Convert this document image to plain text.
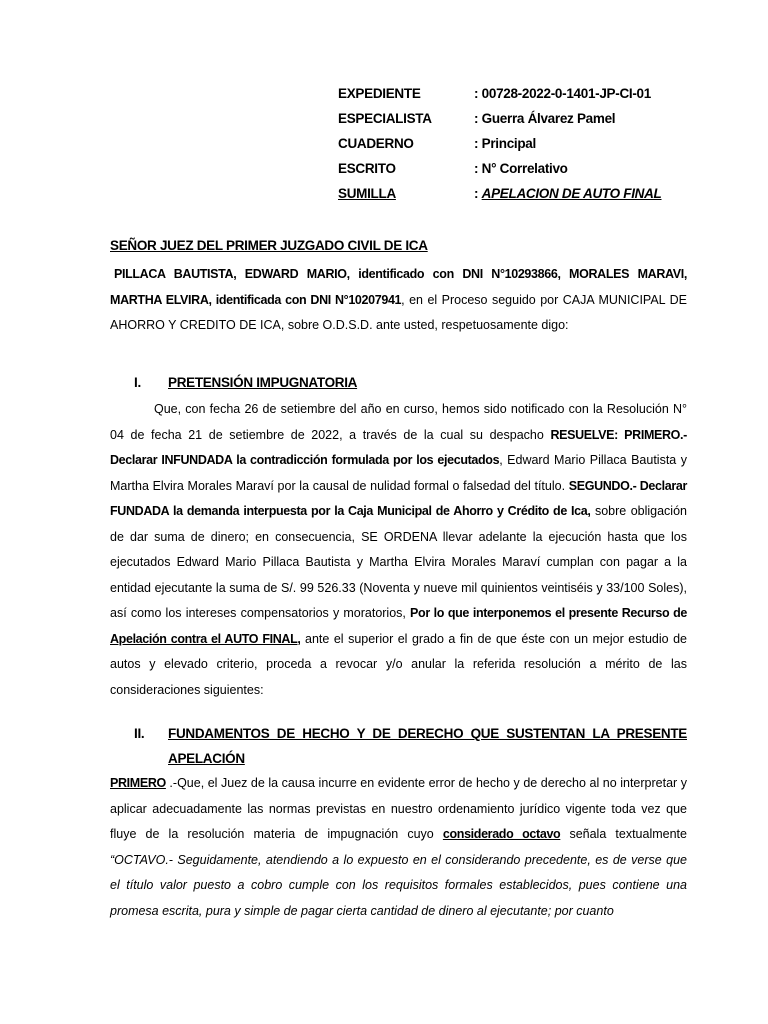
EXPEDIENTE	: 00728-2022-0-1401-JP-CI-01
ESPECIALISTA	: Guerra Álvarez Pamel
CUADERNO	: Principal
ESCRITO	: N° Correlativo
SUMILLA	: APELACION DE AUTO FINAL
SEÑOR JUEZ DEL PRIMER JUZGADO CIVIL DE ICA
PILLACA BAUTISTA, EDWARD MARIO, identificado con DNI N°10293866, MORALES MARAVI, MARTHA ELVIRA, identificada con DNI N°10207941, en el Proceso seguido por CAJA MUNICIPAL DE AHORRO Y CREDITO DE ICA, sobre O.D.S.D. ante usted, respetuosamente digo:
I. PRETENSIÓN IMPUGNATORIA
Que, con fecha 26 de setiembre del año en curso, hemos sido notificado con la Resolución N° 04 de fecha 21 de setiembre de 2022, a través de la cual su despacho RESUELVE: PRIMERO.- Declarar INFUNDADA la contradicción formulada por los ejecutados, Edward Mario Pillaca Bautista y Martha Elvira Morales Maraví por la causal de nulidad formal o falsedad del título. SEGUNDO.- Declarar FUNDADA la demanda interpuesta por la Caja Municipal de Ahorro y Crédito de Ica, sobre obligación de dar suma de dinero; en consecuencia, SE ORDENA llevar adelante la ejecución hasta que los ejecutados Edward Mario Pillaca Bautista y Martha Elvira Morales Maraví cumplan con pagar a la entidad ejecutante la suma de S/. 99 526.33 (Noventa y nueve mil quinientos veintiséis y 33/100 Soles), así como los intereses compensatorios y moratorios, Por lo que interponemos el presente Recurso de Apelación contra el AUTO FINAL, ante el superior el grado a fin de que éste con un mejor estudio de autos y elevado criterio, proceda a revocar y/o anular la referida resolución a mérito de las consideraciones siguientes:
II. FUNDAMENTOS DE HECHO Y DE DERECHO QUE SUSTENTAN LA PRESENTE
APELACIÓN
PRIMERO .-Que, el Juez de la causa incurre en evidente error de hecho y de derecho al no interpretar y aplicar adecuadamente las normas previstas en nuestro ordenamiento jurídico vigente toda vez que fluye de la resolución materia de impugnación cuyo considerado octavo señala textualmente “OCTAVO.- Seguidamente, atendiendo a lo expuesto en el considerando precedente, es de verse que el título valor puesto a cobro cumple con los requisitos formales establecidos, pues contiene una promesa escrita, pura y simple de pagar cierta cantidad de dinero al ejecutante; por cuanto
